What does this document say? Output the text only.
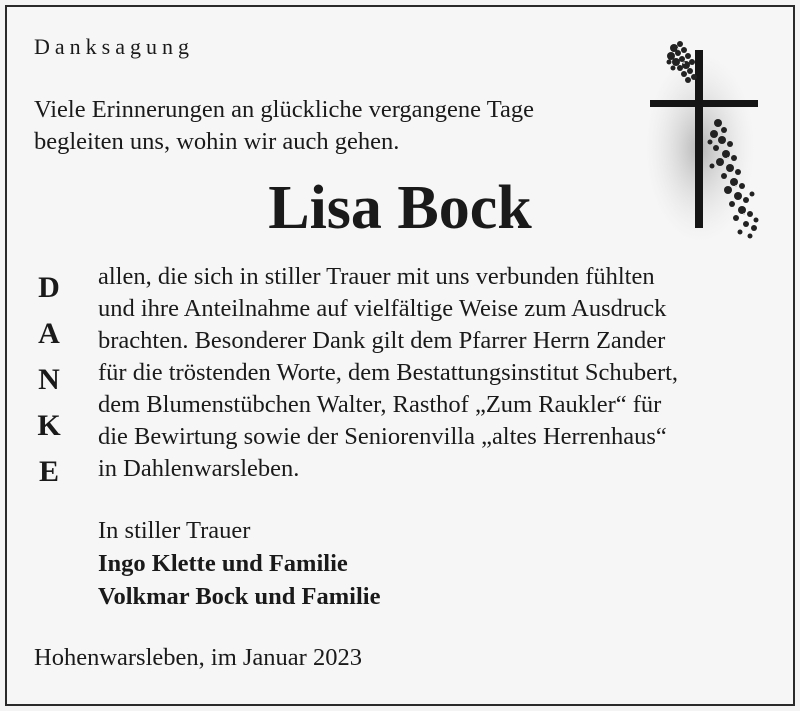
Danksagung
Viele Erinnerungen an glückliche vergangene Tage
begleiten uns, wohin wir auch gehen.
Lisa Bock
D
A
N
K
E
allen, die sich in stiller Trauer mit uns verbunden fühlten
und ihre Anteilnahme auf vielfältige Weise zum Ausdruck
brachten. Besonderer Dank gilt dem Pfarrer Herrn Zander
für die tröstenden Worte, dem Bestattungsinstitut Schubert,
dem Blumenstübchen Walter, Rasthof „Zum Raukler“ für
die Bewirtung sowie der Seniorenvilla „altes Herrenhaus“
in Dahlenwarsleben.
In stiller Trauer
Ingo Klette und Familie
Volkmar Bock und Familie
Hohenwarsleben, im Januar 2023
